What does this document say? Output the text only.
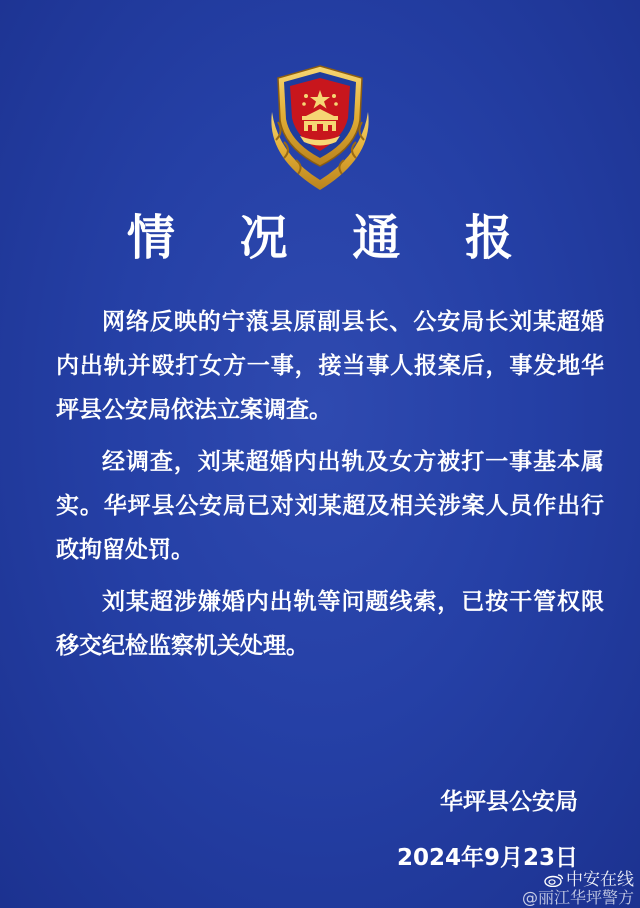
情 况 通 报

网络反映的宁蒗县原副县长、公安局长刘某超婚内出轨并殴打女方一事，接当事人报案后，事发地华坪县公安局依法立案调查。

经调查，刘某超婚内出轨及女方被打一事基本属实。华坪县公安局已对刘某超及相关涉案人员作出行政拘留处罚。

刘某超涉嫌婚内出轨等问题线索，已按干管权限移交纪检监察机关处理。

华坪县公安局
2024年9月23日
中安在线
@丽江华坪警方
